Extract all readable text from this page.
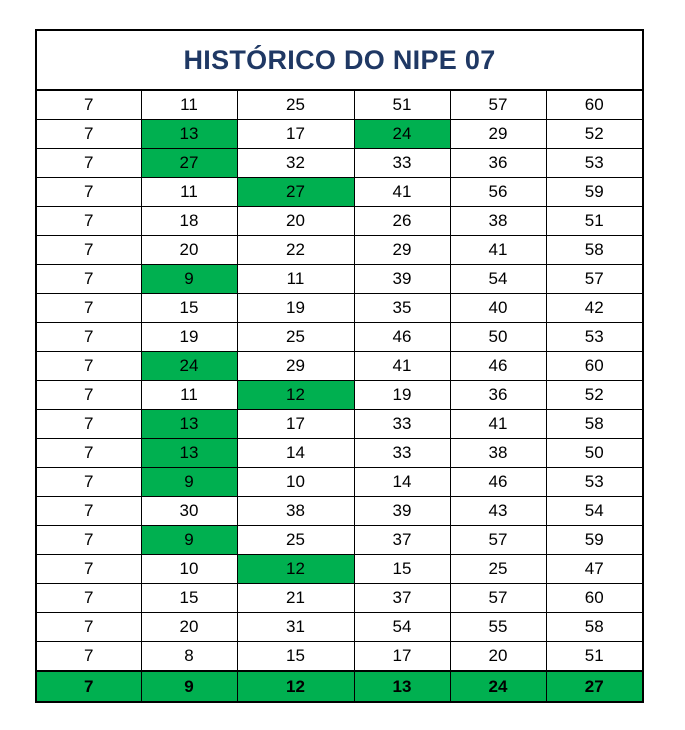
HISTÓRICO DO NIPE 07					
7	11	25	51	57	60
7	13	17	24	29	52
7	27	32	33	36	53
7	11	27	41	56	59
7	18	20	26	38	51
7	20	22	29	41	58
7	9	11	39	54	57
7	15	19	35	40	42
7	19	25	46	50	53
7	24	29	41	46	60
7	11	12	19	36	52
7	13	17	33	41	58
7	13	14	33	38	50
7	9	10	14	46	53
7	30	38	39	43	54
7	9	25	37	57	59
7	10	12	15	25	47
7	15	21	37	57	60
7	20	31	54	55	58
7	8	15	17	20	51
7	9	12	13	24	27
